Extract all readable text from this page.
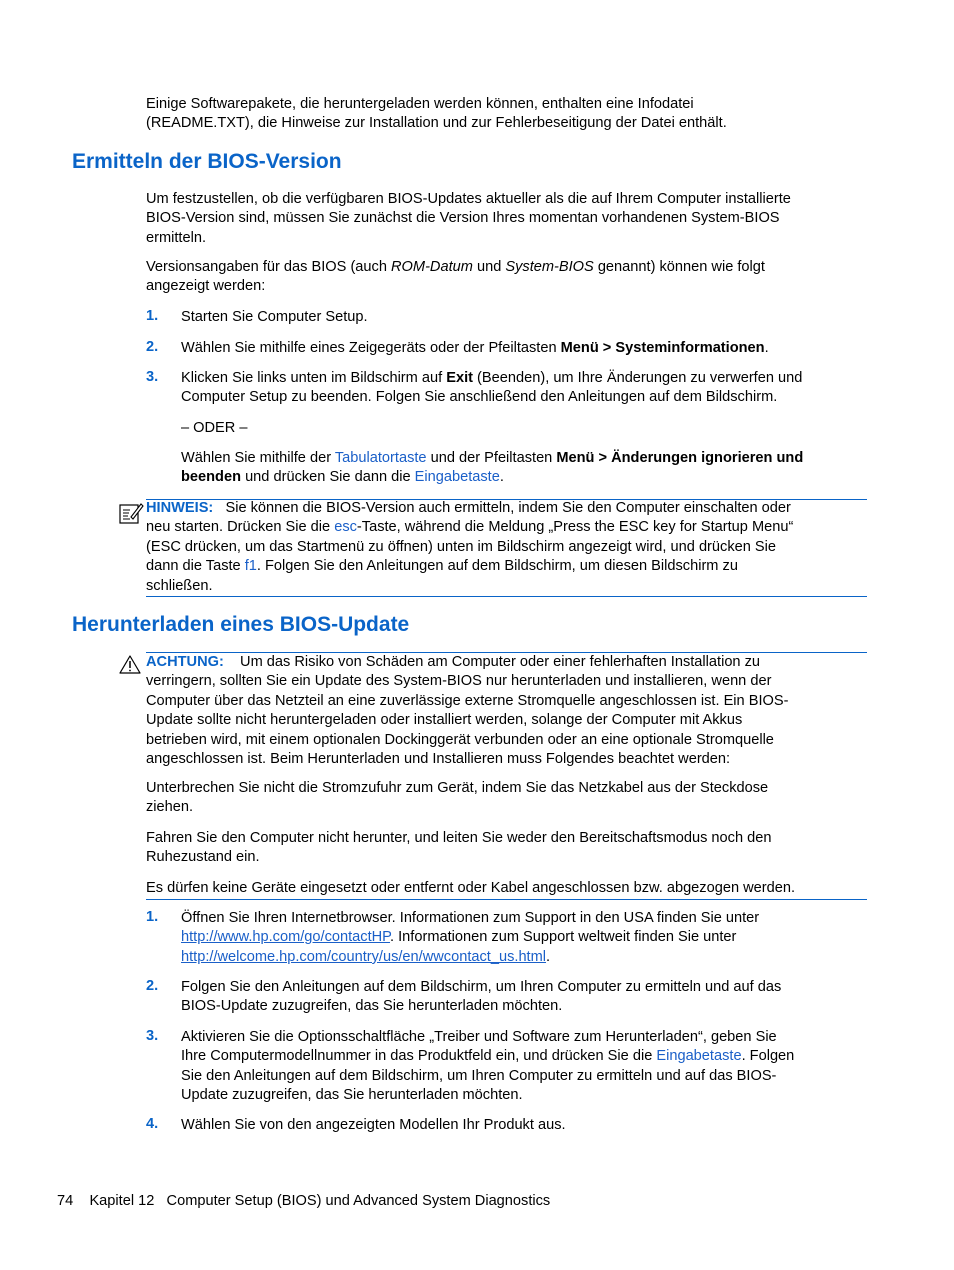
Einige Softwarepakete, die heruntergeladen werden können, enthalten eine Infodatei
(README.TXT), die Hinweise zur Installation und zur Fehlerbeseitigung der Datei enthält.

Ermitteln der BIOS-Version

Um festzustellen, ob die verfügbaren BIOS-Updates aktueller als die auf Ihrem Computer installierte
BIOS-Version sind, müssen Sie zunächst die Version Ihres momentan vorhandenen System-BIOS
ermitteln.

Versionsangaben für das BIOS (auch ROM-Datum und System-BIOS genannt) können wie folgt
angezeigt werden:

1. Starten Sie Computer Setup.

2. Wählen Sie mithilfe eines Zeigegeräts oder der Pfeiltasten Menü > Systeminformationen.

3. Klicken Sie links unten im Bildschirm auf Exit (Beenden), um Ihre Änderungen zu verwerfen und
Computer Setup zu beenden. Folgen Sie anschließend den Anleitungen auf dem Bildschirm.

– ODER –

Wählen Sie mithilfe der Tabulatortaste und der Pfeiltasten Menü > Änderungen ignorieren und
beenden und drücken Sie dann die Eingabetaste.

HINWEIS: Sie können die BIOS-Version auch ermitteln, indem Sie den Computer einschalten oder
neu starten. Drücken Sie die esc-Taste, während die Meldung „Press the ESC key for Startup Menu“
(ESC drücken, um das Startmenü zu öffnen) unten im Bildschirm angezeigt wird, und drücken Sie
dann die Taste f1. Folgen Sie den Anleitungen auf dem Bildschirm, um diesen Bildschirm zu
schließen.

Herunterladen eines BIOS-Update

ACHTUNG: Um das Risiko von Schäden am Computer oder einer fehlerhaften Installation zu
verringern, sollten Sie ein Update des System-BIOS nur herunterladen und installieren, wenn der
Computer über das Netzteil an eine zuverlässige externe Stromquelle angeschlossen ist. Ein BIOS-
Update sollte nicht heruntergeladen oder installiert werden, solange der Computer mit Akkus
betrieben wird, mit einem optionalen Dockinggerät verbunden oder an eine optionale Stromquelle
angeschlossen ist. Beim Herunterladen und Installieren muss Folgendes beachtet werden:

Unterbrechen Sie nicht die Stromzufuhr zum Gerät, indem Sie das Netzkabel aus der Steckdose
ziehen.

Fahren Sie den Computer nicht herunter, und leiten Sie weder den Bereitschaftsmodus noch den
Ruhezustand ein.

Es dürfen keine Geräte eingesetzt oder entfernt oder Kabel angeschlossen bzw. abgezogen werden.

1. Öffnen Sie Ihren Internetbrowser. Informationen zum Support in den USA finden Sie unter
http://www.hp.com/go/contactHP. Informationen zum Support weltweit finden Sie unter
http://welcome.hp.com/country/us/en/wwcontact_us.html.

2. Folgen Sie den Anleitungen auf dem Bildschirm, um Ihren Computer zu ermitteln und auf das
BIOS-Update zuzugreifen, das Sie herunterladen möchten.

3. Aktivieren Sie die Optionsschaltfläche „Treiber und Software zum Herunterladen“, geben Sie
Ihre Computermodellnummer in das Produktfeld ein, und drücken Sie die Eingabetaste. Folgen
Sie den Anleitungen auf dem Bildschirm, um Ihren Computer zu ermitteln und auf das BIOS-
Update zuzugreifen, das Sie herunterladen möchten.

4. Wählen Sie von den angezeigten Modellen Ihr Produkt aus.

74 Kapitel 12 Computer Setup (BIOS) und Advanced System Diagnostics
